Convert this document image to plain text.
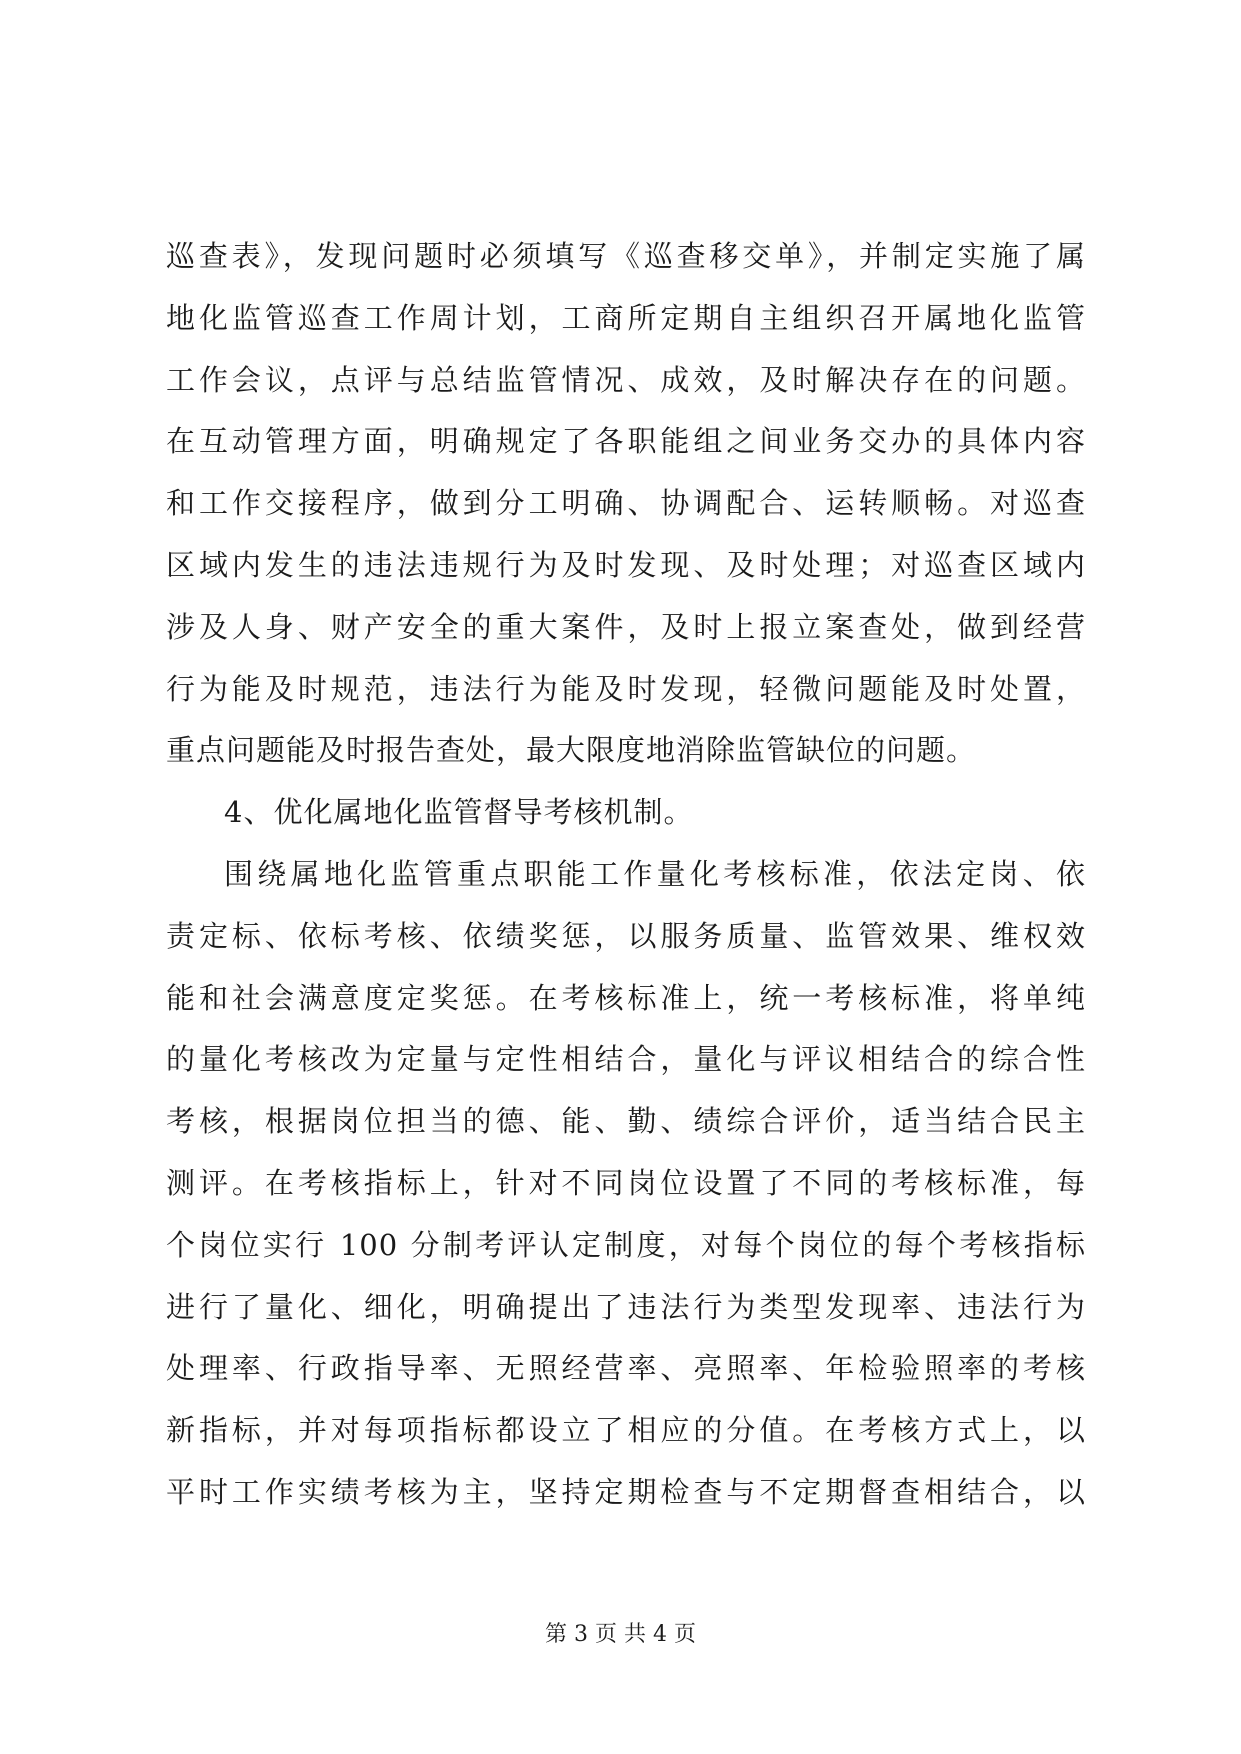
巡查表》，发现问题时必须填写《巡查移交单》，并制定实施了属
地化监管巡查工作周计划，工商所定期自主组织召开属地化监管
工作会议，点评与总结监管情况、成效，及时解决存在的问题。
在互动管理方面，明确规定了各职能组之间业务交办的具体内容
和工作交接程序，做到分工明确、协调配合、运转顺畅。对巡查
区域内发生的违法违规行为及时发现、及时处理；对巡查区域内
涉及人身、财产安全的重大案件，及时上报立案查处，做到经营
行为能及时规范，违法行为能及时发现，轻微问题能及时处置，
重点问题能及时报告查处，最大限度地消除监管缺位的问题。
4、优化属地化监管督导考核机制。
围绕属地化监管重点职能工作量化考核标准，依法定岗、依
责定标、依标考核、依绩奖惩，以服务质量、监管效果、维权效
能和社会满意度定奖惩。在考核标准上，统一考核标准，将单纯
的量化考核改为定量与定性相结合，量化与评议相结合的综合性
考核，根据岗位担当的德、能、勤、绩综合评价，适当结合民主
测评。在考核指标上，针对不同岗位设置了不同的考核标准，每
个岗位实行 100 分制考评认定制度，对每个岗位的每个考核指标
进行了量化、细化，明确提出了违法行为类型发现率、违法行为
处理率、行政指导率、无照经营率、亮照率、年检验照率的考核
新指标，并对每项指标都设立了相应的分值。在考核方式上，以
平时工作实绩考核为主，坚持定期检查与不定期督查相结合，以
第 3 页 共 4 页
